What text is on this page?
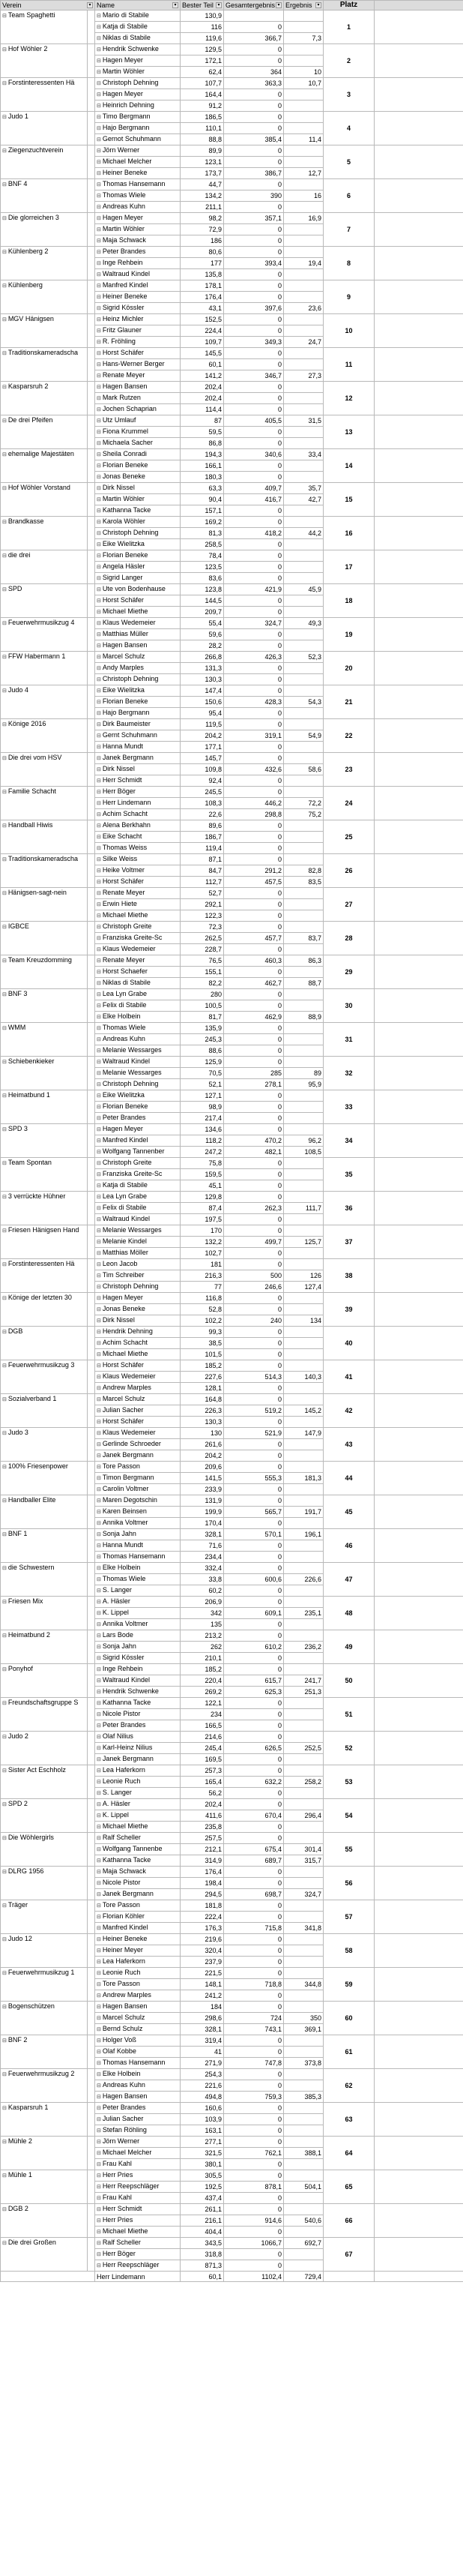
Verein ▾		Name ▾	Bester Teil ▾	Gesamtergebnis ▾	Ergebnis ▾	Platz	
⊟ Team Spaghetti		⊟ Mario di Stabile	130,9			1	
		⊟ Katja di Stabile	116	0			
		⊟ Niklas di Stabile	119,6	366,7	7,3		
⊟ Hof Wöhler 2		⊟ Hendrik Schwenke	129,5	0		2	
		⊟ Hagen Meyer	172,1	0			
		⊟ Martin Wöhler	62,4	364	10		
⊟ Forstinteressenten Hä		⊟ Christoph Dehning	107,7	363,3	10,7	3	
		⊟ Hagen Meyer	164,4	0			
		⊟ Heinrich Dehning	91,2	0			
⊟ Judo 1		⊟ Timo Bergmann	186,5	0		4	
		⊟ Hajo Bergmann	110,1	0			
		⊟ Gernot Schuhmann	88,8	385,4	11,4		
⊟ Ziegenzuchtverein		⊟ Jörn Werner	89,9	0		5	
		⊟ Michael Melcher	123,1	0			
		⊟ Heiner Beneke	173,7	386,7	12,7		
⊟ BNF 4		⊟ Thomas Hansemann	44,7	0		6	
		⊟ Thomas Wiele	134,2	390	16		
		⊟ Andreas Kuhn	211,1	0			
⊟ Die glorreichen 3		⊟ Hagen Meyer	98,2	357,1	16,9	7	
		⊟ Martin Wöhler	72,9	0			
		⊟ Maja Schwack	186	0			
⊟ Kühlenberg 2		⊟ Peter Brandes	80,6	0		8	
		⊟ Inge Rehbein	177	393,4	19,4		
		⊟ Waltraud Kindel	135,8	0			
⊟ Kühlenberg		⊟ Manfred Kindel	178,1	0		9	
		⊟ Heiner Beneke	176,4	0			
		⊟ Sigrid Kössler	43,1	397,6	23,6		
⊟ MGV Hänigsen		⊟ Heinz Michler	152,5	0		10	
		⊟ Fritz Glauner	224,4	0			
		⊟ R. Fröhling	109,7	349,3	24,7		
⊟ Traditionskameradscha		⊟ Horst Schäfer	145,5	0		11	
		⊟ Hans-Werner Berger	60,1	0			
		⊟ Renate Meyer	141,2	346,7	27,3		
⊟ Kasparsruh 2		⊟ Hagen Bansen	202,4	0		12	
		⊟ Mark Rutzen	202,4	0			
		⊟ Jochen Schaprian	114,4	0			
⊟ De drei Pfeifen		⊟ Utz Umlauf	87	405,5	31,5	13	
		⊟ Fiona Krummel	59,5	0			
		⊟ Michaela Sacher	86,8	0			
⊟ ehemalige Majestäten		⊟ Sheila Conradi	194,3	340,6	33,4	14	
		⊟ Florian Beneke	166,1	0			
		⊟ Jonas Beneke	180,3	0			
⊟ Hof Wöhler Vorstand		⊟ Dirk Nissel	63,3	409,7	35,7	15	
		⊟ Martin Wöhler	90,4	416,7	42,7		
		⊟ Kathanna Tacke	157,1	0			
⊟ Brandkasse		⊟ Karola Wöhler	169,2	0		16	
		⊟ Christoph Dehning	81,3	418,2	44,2		
		⊟ Eike Wielitzka	258,5	0			
⊟ die drei		⊟ Florian Beneke	78,4	0		17	
		⊟ Angela Häsler	123,5	0			
		⊟ Sigrid Langer	83,6	0			
⊟ SPD		⊟ Ute von Bodenhause	123,8	421,9	45,9	18	
		⊟ Horst Schäfer	144,5	0			
		⊟ Michael Miethe	209,7	0			
⊟ Feuerwehrmusikzug 4		⊟ Klaus Wedemeier	55,4	324,7	49,3	19	
		⊟ Matthias Müller	59,6	0			
		⊟ Hagen Bansen	28,2	0			
⊟ FFW Habermann 1		⊟ Marcel Schulz	266,8	426,3	52,3	20	
		⊟ Andy Marples	131,3	0			
		⊟ Christoph Dehning	130,3	0			
⊟ Judo 4		⊟ Eike Wielitzka	147,4	0		21	
		⊟ Florian Beneke	150,6	428,3	54,3		
		⊟ Hajo Bergmann	95,4	0			
⊟ Könige 2016		⊟ Dirk Baumeister	119,5	0		22	
		⊟ Gernt Schuhmann	204,2	319,1	54,9		
		⊟ Hanna Mundt	177,1	0			
⊟ Die drei vom HSV		⊟ Janek Bergmann	145,7	0		23	
		⊟ Dirk Nissel	109,8	432,6	58,6		
		⊟ Herr Schmidt	92,4	0			
⊟ Familie Schacht		⊟ Herr Böger	245,5	0		24	
		⊟ Herr Lindemann	108,3	446,2	72,2		
		⊟ Achim Schacht	22,6	298,8	75,2		
⊟ Handball Hiwis		⊟ Alena Berkhahn	89,6	0		25	
		⊟ Eike Schacht	186,7	0			
		⊟ Thomas Weiss	119,4	0			
⊟ Traditionskameradscha		⊟ Silke Weiss	87,1	0		26	
		⊟ Heike Voltmer	84,7	291,2	82,8		
		⊟ Horst Schäfer	112,7	457,5	83,5		
⊟ Hänigsen-sagt-nein		⊟ Renate Meyer	52,7	0		27	
		⊟ Erwin Hiete	292,1	0			
		⊟ Michael Miethe	122,3	0			
⊟ IGBCE		⊟ Christoph Greite	72,3	0		28	
		⊟ Franziska Greite-Sc	262,5	457,7	83,7		
		⊟ Klaus Wedemeier	228,7	0			
⊟ Team Kreuzdomming		⊟ Renate Meyer	76,5	460,3	86,3	29	
		⊟ Horst Schaefer	155,1	0			
		⊟ Niklas di Stabile	82,2	462,7	88,7		
⊟ BNF 3		⊟ Lea Lyn Grabe	280	0		30	
		⊟ Felix di Stabile	100,5	0			
		⊟ Elke Holbein	81,7	462,9	88,9		
⊟ WMM		⊟ Thomas Wiele	135,9	0		31	
		⊟ Andreas Kuhn	245,3	0			
		⊟ Melanie Wessarges	88,6	0			
⊟ Schiebenkieker		⊟ Waltraud Kindel	125,9	0		32	
		⊟ Melanie Wessarges	70,5	285	89		
		⊟ Christoph Dehning	52,1	278,1	95,9		
⊟ Heimatbund 1		⊟ Eike Wielitzka	127,1	0		33	
		⊟ Florian Beneke	98,9	0			
		⊟ Peter Brandes	217,4	0			
⊟ SPD 3		⊟ Hagen Meyer	134,6	0		34	
		⊟ Manfred Kindel	118,2	470,2	96,2		
		⊟ Wolfgang Tannenber	247,2	482,1	108,5		
⊟ Team Spontan		⊟ Christoph Greite	75,8	0		35	
		⊟ Franziska Greite-Sc	159,5	0			
		⊟ Katja di Stabile	45,1	0			
⊟ 3 verrückte Hühner		⊟ Lea Lyn Grabe	129,8	0		36	
		⊟ Felix di Stabile	87,4	262,3	111,7		
		⊟ Waltraud Kindel	197,5	0			
⊟ Friesen Hänigsen Hand		⊟ Melanie Wessarges	170	0		37	
		⊟ Melanie Kindel	132,2	499,7	125,7		
		⊟ Matthias Möller	102,7	0			
⊟ Forstinteressenten Hä		⊟ Leon Jacob	181	0		38	
		⊟ Tim Schreiber	216,3	500	126		
		⊟ Christoph Dehning	77	246,6	127,4		
⊟ Könige der letzten 30		⊟ Hagen Meyer	116,8	0		39	
		⊟ Jonas Beneke	52,8	0			
		⊟ Dirk Nissel	102,2	240	134		
⊟ DGB		⊟ Hendrik Dehning	99,3	0		40	
		⊟ Achim Schacht	38,5	0			
		⊟ Michael Miethe	101,5	0			
⊟ Feuerwehrmusikzug 3		⊟ Horst Schäfer	185,2	0		41	
		⊟ Klaus Wedemeier	227,6	514,3	140,3		
		⊟ Andrew Marples	128,1	0			
⊟ Sozialverband 1		⊟ Marcel Schulz	164,8	0		42	
		⊟ Julian Sacher	226,3	519,2	145,2		
		⊟ Horst Schäfer	130,3	0			
⊟ Judo 3		⊟ Klaus Wedemeier	130	521,9	147,9	43	
		⊟ Gerlinde Schroeder	261,6	0			
		⊟ Janek Bergmann	204,2	0			
⊟ 100% Friesenpower		⊟ Tore Passon	209,6	0		44	
		⊟ Timon Bergmann	141,5	555,3	181,3		
		⊟ Carolin Voltmer	233,9	0			
⊟ Handballer Elite		⊟ Maren Degotschin	131,9	0		45	
		⊟ Karen Beinsen	199,9	565,7	191,7		
		⊟ Annika Voltmer	170,4	0			
⊟ BNF 1		⊟ Sonja Jahn	328,1	570,1	196,1	46	
		⊟ Hanna Mundt	71,6	0			
		⊟ Thomas Hansemann	234,4	0			
⊟ die Schwestern		⊟ Elke Holbein	332,4	0		47	
		⊟ Thomas Wiele	33,8	600,6	226,6		
		⊟ S. Langer	60,2	0			
⊟ Friesen Mix		⊟ A. Häsler	206,9	0		48	
		⊟ K. Lippel	342	609,1	235,1		
		⊟ Annika Voltmer	135	0			
⊟ Heimatbund 2		⊟ Lars Bode	213,2	0		49	
		⊟ Sonja Jahn	262	610,2	236,2		
		⊟ Sigrid Kössler	210,1	0			
⊟ Ponyhof		⊟ Inge Rehbein	185,2	0		50	
		⊟ Waltraud Kindel	220,4	615,7	241,7		
		⊟ Hendrik Schwenke	269,2	625,3	251,3		
⊟ Freundschaftsgruppe S		⊟ Kathanna Tacke	122,1	0		51	
		⊟ Nicole Pistor	234	0			
		⊟ Peter Brandes	166,5	0			
⊟ Judo 2		⊟ Olaf Nilius	214,6	0		52	
		⊟ Karl-Heinz Nilius	245,4	626,5	252,5		
		⊟ Janek Bergmann	169,5	0			
⊟ Sister Act Eschholz		⊟ Lea Haferkorn	257,3	0		53	
		⊟ Leonie Ruch	165,4	632,2	258,2		
		⊟ S. Langer	56,2	0			
⊟ SPD 2		⊟ A. Häsler	202,4	0		54	
		⊟ K. Lippel	411,6	670,4	296,4		
		⊟ Michael Miethe	235,8	0			
⊟ Die Wöhlergirls		⊟ Ralf Scheller	257,5	0		55	
		⊟ Wolfgang Tannenbe	212,1	675,4	301,4		
		⊟ Kathanna Tacke	314,9	689,7	315,7		
⊟ DLRG 1956		⊟ Maja Schwack	176,4	0		56	
		⊟ Nicole Pistor	198,4	0			
		⊟ Janek Bergmann	294,5	698,7	324,7		
⊟ Träger		⊟ Tore Passon	181,8	0		57	
		⊟ Florian Köhler	222,4	0			
		⊟ Manfred Kindel	176,3	715,8	341,8		
⊟ Judo 12		⊟ Heiner Beneke	219,6	0		58	
		⊟ Heiner Meyer	320,4	0			
		⊟ Lea Haferkorn	237,9	0			
⊟ Feuerwehrmusikzug 1		⊟ Leonie Ruch	221,5	0		59	
		⊟ Tore Passon	148,1	718,8	344,8		
		⊟ Andrew Marples	241,2	0			
⊟ Bogenschützen		⊟ Hagen Bansen	184	0		60	
		⊟ Marcel Schulz	298,6	724	350		
		⊟ Bernd Schulz	328,1	743,1	369,1		
⊟ BNF 2		⊟ Holger Voß	319,4	0		61	
		⊟ Olaf Kobbe	41	0			
		⊟ Thomas Hansemann	271,9	747,8	373,8		
⊟ Feuerwehrmusikzug 2		⊟ Elke Holbein	254,3	0		62	
		⊟ Andreas Kuhn	221,6	0			
		⊟ Hagen Bansen	494,8	759,3	385,3		
⊟ Kasparsruh 1		⊟ Peter Brandes	160,6	0		63	
		⊟ Julian Sacher	103,9	0			
		⊟ Stefan Röhling	163,1	0			
⊟ Mühle 2		⊟ Jörn Werner	277,1	0		64	
		⊟ Michael Melcher	321,5	762,1	388,1		
		⊟ Frau Kahl	380,1	0			
⊟ Mühle 1		⊟ Herr Pries	305,5	0		65	
		⊟ Herr Reepschläger	192,5	878,1	504,1		
		⊟ Frau Kahl	437,4	0			
⊟ DGB 2		⊟ Herr Schmidt	261,1	0		66	
		⊟ Herr Pries	216,1	914,6	540,6		
		⊟ Michael Miethe	404,4	0			
⊟ Die drei Großen		⊟ Ralf Scheller	343,5	1066,7	692,7	67	
		⊟ Herr Böger	318,8	0			
		⊟ Herr Reepschläger	871,3	0			
		Herr Lindemann	60,1	1102,4	729,4		
